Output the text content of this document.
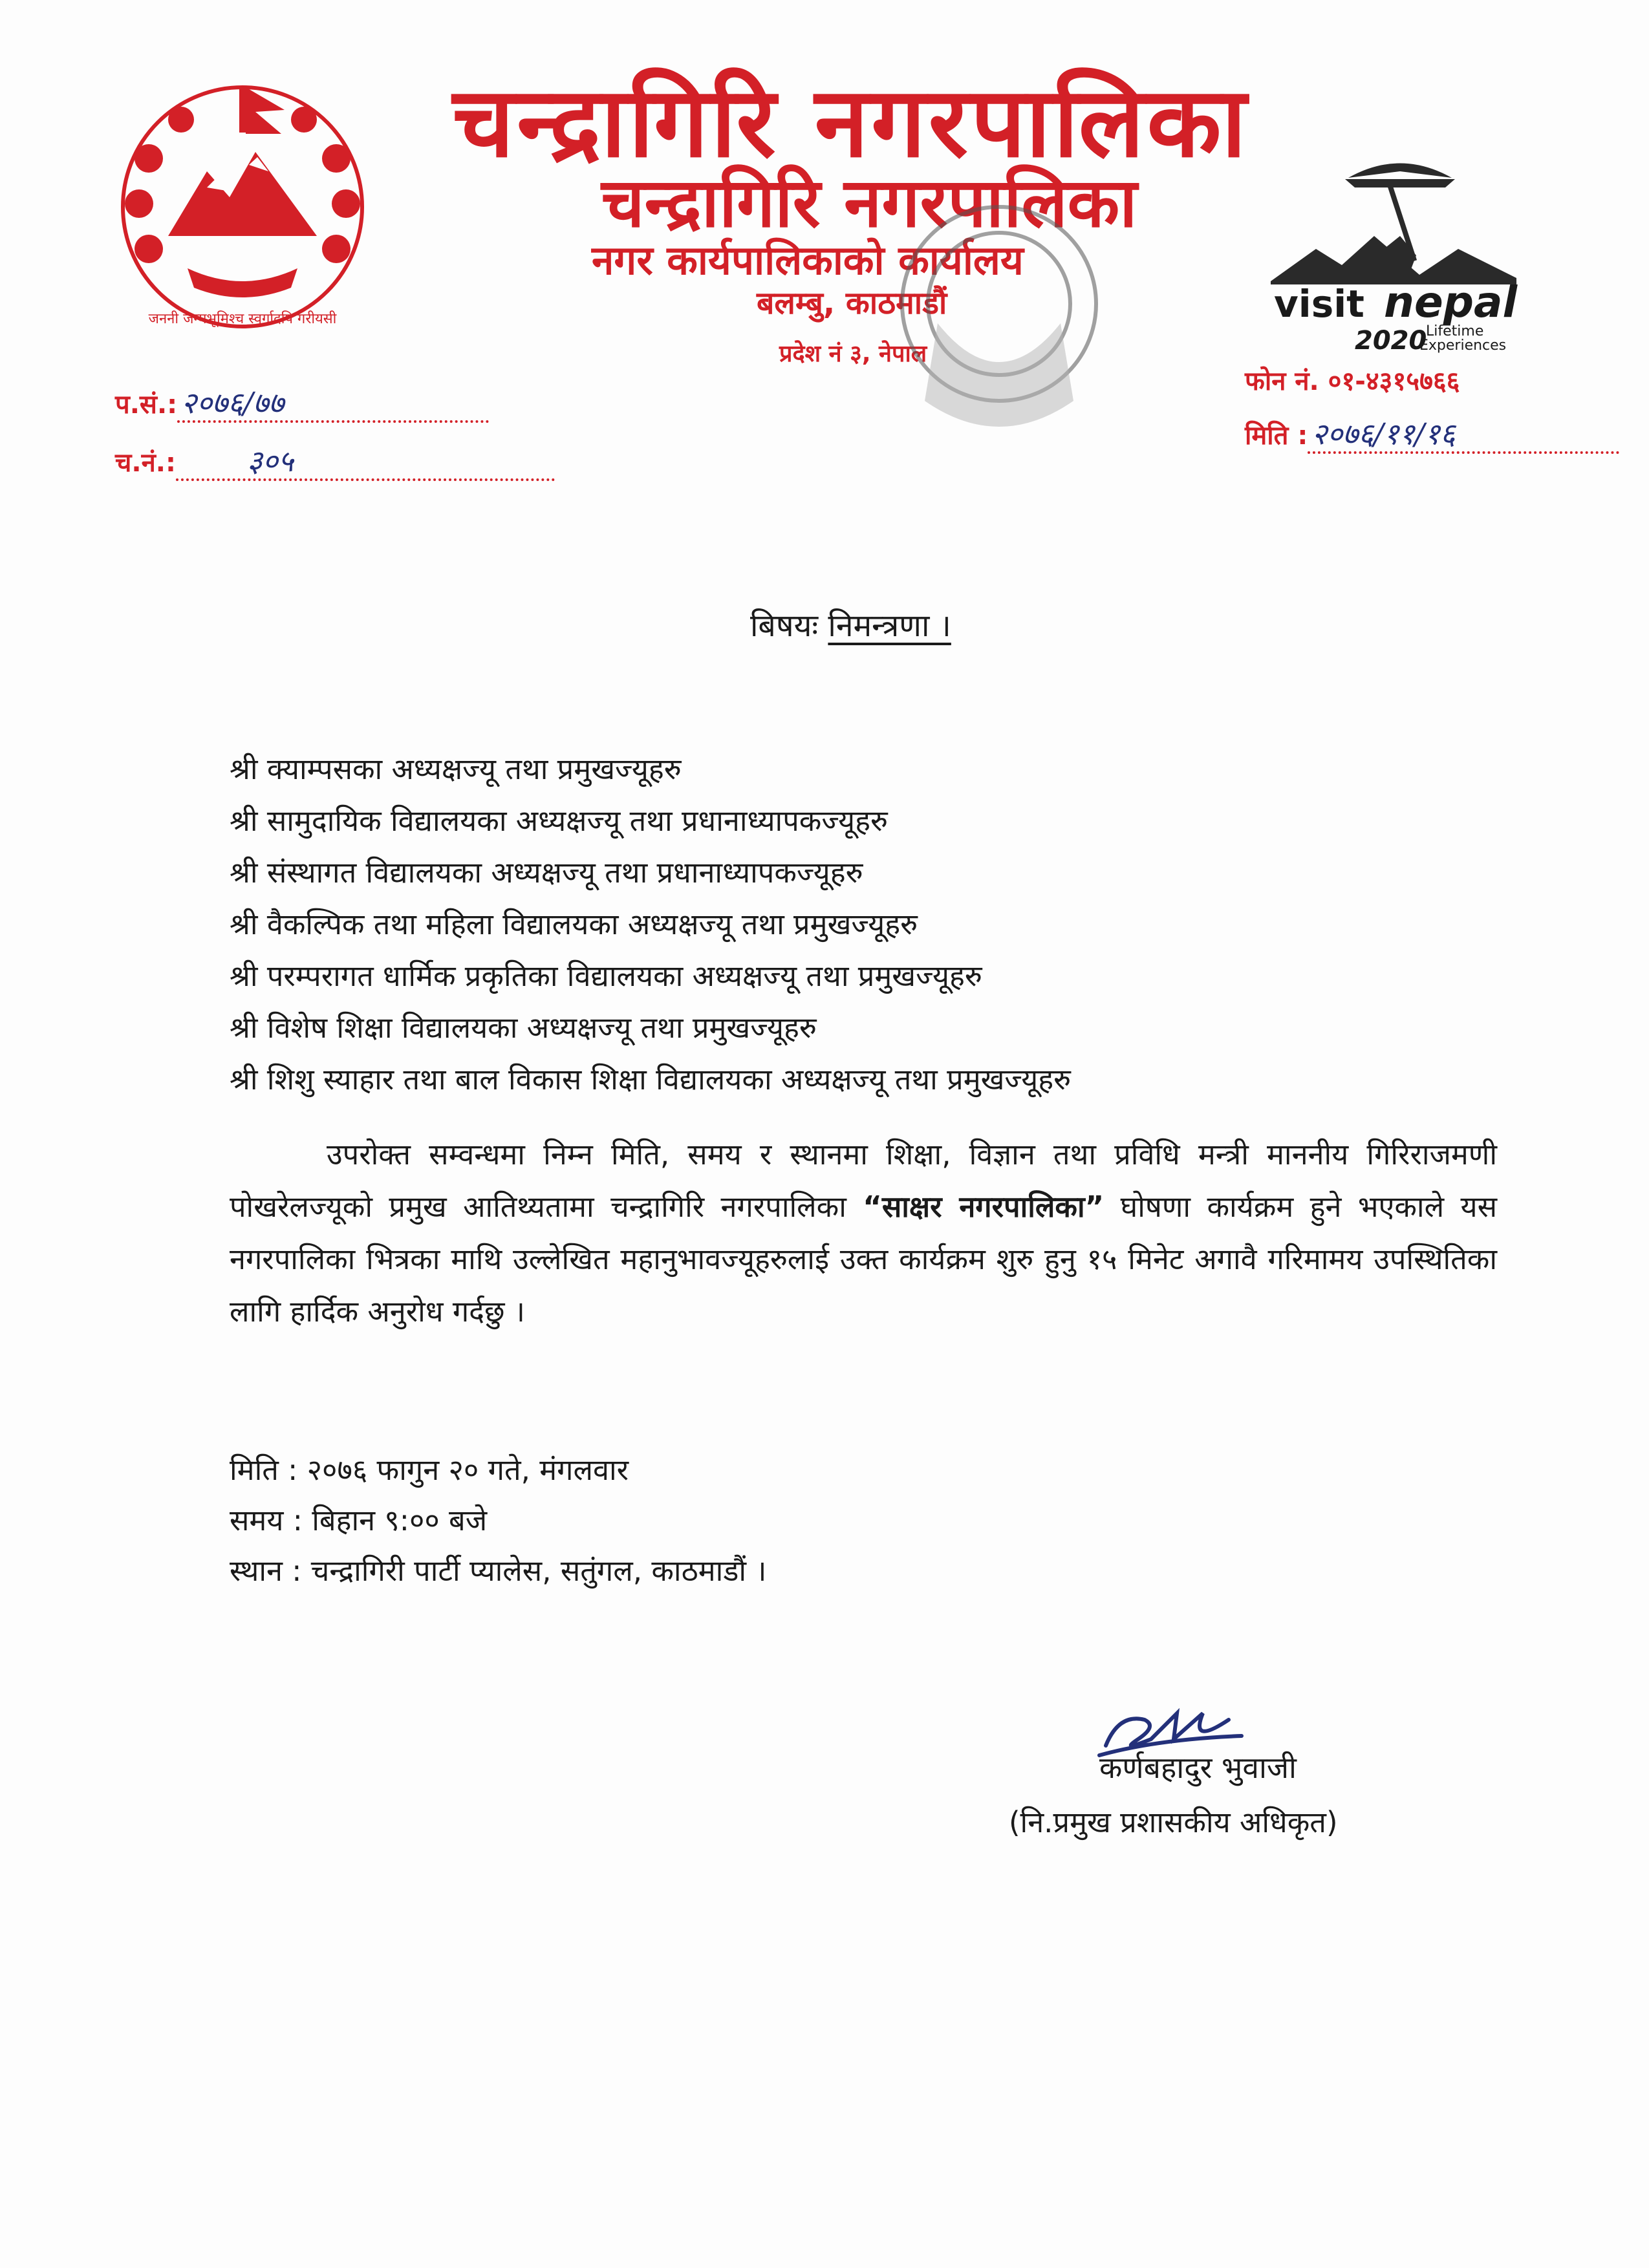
जननी जन्मभूमिश्च स्वर्गादपि गरीयसी
चन्द्रागिरि नगरपालिका
चन्द्रागिरि नगरपालिका
नगर कार्यपालिकाको कार्यालय
बलम्बु, काठमाडौं
प्रदेश नं ३, नेपाल
visit nepal
2020
Lifetime
Experiences
प.सं.: २०७६/७७
च.नं.: ३०५
फोन नं. ०१-४३१५७६६
मिति : २०७६/११/१६
बिषयः निमन्त्रणा ।
श्री क्याम्पसका अध्यक्षज्यू तथा प्रमुखज्यूहरु
श्री सामुदायिक विद्यालयका अध्यक्षज्यू तथा प्रधानाध्यापकज्यूहरु
श्री संस्थागत विद्यालयका अध्यक्षज्यू तथा प्रधानाध्यापकज्यूहरु
श्री वैकल्पिक तथा महिला विद्यालयका अध्यक्षज्यू तथा प्रमुखज्यूहरु
श्री परम्परागत धार्मिक प्रकृतिका विद्यालयका अध्यक्षज्यू तथा प्रमुखज्यूहरु
श्री विशेष शिक्षा विद्यालयका अध्यक्षज्यू तथा प्रमुखज्यूहरु
श्री शिशु स्याहार तथा बाल विकास शिक्षा विद्यालयका अध्यक्षज्यू तथा प्रमुखज्यूहरु

उपरोक्त सम्वन्धमा निम्न मिति, समय र स्थानमा शिक्षा, विज्ञान तथा प्रविधि मन्त्री माननीय गिरिराजमणी पोखरेलज्यूको प्रमुख आतिथ्यतामा चन्द्रागिरि नगरपालिका “साक्षर नगरपालिका” घोषणा कार्यक्रम हुने भएकाले यस नगरपालिका भित्रका माथि उल्लेखित महानुभावज्यूहरुलाई उक्त कार्यक्रम शुरु हुनु १५ मिनेट अगावै गरिमामय उपस्थितिका लागि हार्दिक अनुरोध गर्दछु ।

मिति : २०७६ फागुन २० गते, मंगलवार
समय : बिहान ९:०० बजे
स्थान : चन्द्रागिरी पार्टी प्यालेस, सतुंगल, काठमाडौं ।
कर्णबहादुर भुवाजी
(नि.प्रमुख प्रशासकीय अधिकृत)
